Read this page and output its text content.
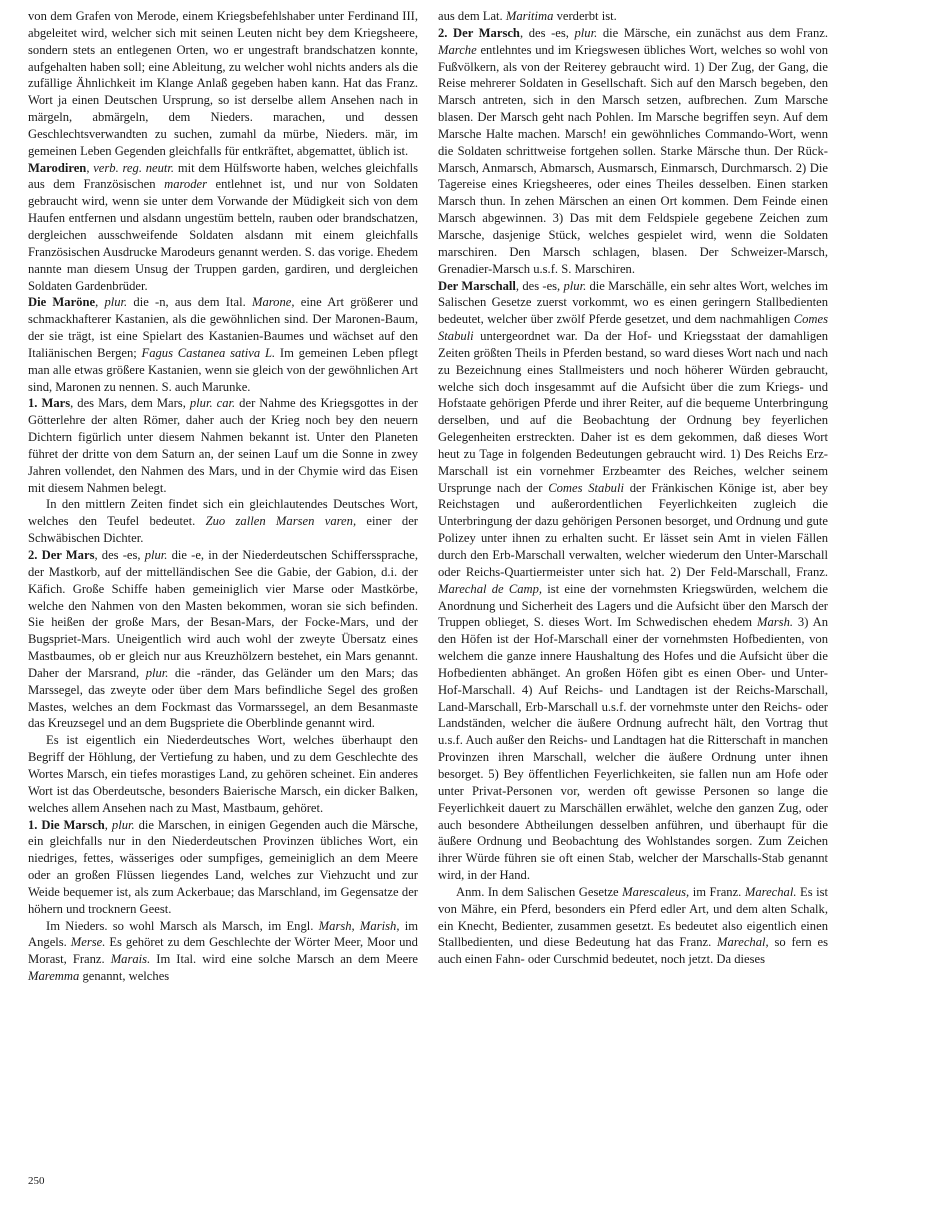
von dem Grafen von Merode, einem Kriegsbefehlshaber unter Ferdinand III, abgeleitet wird, welcher sich mit seinen Leuten nicht bey dem Kriegsheere, sondern stets an entlegenen Orten, wo er ungestraft brandschatzen konnte, aufgehalten haben soll; eine Ableitung, zu welcher wohl nichts anders als die zufällige Ähnlichkeit im Klange Anlaß gegeben haben kann. Hat das Franz. Wort ja einen Deutschen Ursprung, so ist derselbe allem Ansehen nach in märgeln, abmärgeln, dem Nieders. marachen, und dessen Geschlechtsverwandten zu suchen, zumahl da mürbe, Nieders. mär, im gemeinen Leben Gegenden gleichfalls für entkräftet, abgemattet, üblich ist.

Marodiren, verb. reg. neutr. mit dem Hülfsworte haben, welches gleichfalls aus dem Französischen maroder entlehnet ist, und nur von Soldaten gebraucht wird, wenn sie unter dem Vorwande der Müdigkeit sich von dem Haufen entfernen und alsdann ungestüm betteln, rauben oder brandschatzen, dergleichen ausschweifende Soldaten alsdann mit einem gleichfalls Französischen Ausdrucke Marodeurs genannt werden. S. das vorige. Ehedem nannte man diesem Unsug der Truppen garden, gardiren, und dergleichen Soldaten Gardenbrüder.

Die Maröne, plur. die -n, aus dem Ital. Marone, eine Art größerer und schmackhafterer Kastanien, als die gewöhnlichen sind. Der Maronen-Baum, der sie trägt, ist eine Spielart des Kastanien-Baumes und wächset auf den Italiänischen Bergen; Fagus Castanea sativa L. Im gemeinen Leben pflegt man alle etwas größere Kastanien, wenn sie gleich von der gewöhnlichen Art sind, Maronen zu nennen. S. auch Marunke.

1. Mars, des Mars, dem Mars, plur. car. der Nahme des Kriegsgottes in der Götterlehre der alten Römer, daher auch der Krieg noch bey den neuern Dichtern figürlich unter diesem Nahmen bekannt ist. Unter den Planeten führet der dritte von dem Saturn an, der seinen Lauf um die Sonne in zwey Jahren vollendet, den Nahmen des Mars, und in der Chymie wird das Eisen mit diesem Nahmen belegt.

In den mittlern Zeiten findet sich ein gleichlautendes Deutsches Wort, welches den Teufel bedeutet. Zuo zallen Marsen varen, einer der Schwäbischen Dichter.

2. Der Mars, des -es, plur. die -e, in der Niederdeutschen Schifferssprache, der Mastkorb, auf der mittelländischen See die Gabie, der Gabion, d.i. der Käfich. Große Schiffe haben gemeiniglich vier Marse oder Mastkörbe, welche den Nahmen von den Masten bekommen, woran sie sich befinden. Sie heißen der große Mars, der Besan-Mars, der Focke-Mars, und der Bugspriet-Mars. Uneigentlich wird auch wohl der zweyte Übersatz eines Mastbaumes, ob er gleich nur aus Kreuzhölzern bestehet, ein Mars genannt. Daher der Marsrand, plur. die -ränder, das Geländer um den Mars; das Marssegel, das zweyte oder über dem Mars befindliche Segel des großen Mastes, welches an dem Fockmast das Vormarssegel, an dem Besanmaste das Kreuzsegel und an dem Bugspriete die Oberblinde genannt wird.

Es ist eigentlich ein Niederdeutsches Wort, welches überhaupt den Begriff der Höhlung, der Vertiefung zu haben, und zu dem Geschlechte des Wortes Marsch, ein tiefes morastiges Land, zu gehören scheinet. Ein anderes Wort ist das Oberdeutsche, besonders Baierische Marsch, ein dicker Balken, welches allem Ansehen nach zu Mast, Mastbaum, gehöret.

1. Die Marsch, plur. die Marschen, in einigen Gegenden auch die Märsche, ein gleichfalls nur in den Niederdeutschen Provinzen übliches Wort, ein niedriges, fettes, wässeriges oder sumpfiges, gemeiniglich an dem Meere oder an großen Flüssen liegendes Land, welches zur Viehzucht und zur Weide bequemer ist, als zum Ackerbaue; das Marschland, im Gegensatze der höhern und trocknern Geest.

Im Nieders. so wohl Marsch als Marsch, im Engl. Marsh, Marish, im Angels. Merse. Es gehöret zu dem Geschlechte der Wörter Meer, Moor und Morast, Franz. Marais. Im Ital. wird eine solche Marsch an dem Meere Maremma genannt, welches

aus dem Lat. Maritima verderbt ist.

2. Der Marsch, des -es, plur. die Märsche, ein zunächst aus dem Franz. Marche entlehntes und im Kriegswesen übliches Wort, welches so wohl von Fußvölkern, als von der Reiterey gebraucht wird. 1) Der Zug, der Gang, die Reise mehrerer Soldaten in Gesellschaft. Sich auf den Marsch begeben, den Marsch antreten, sich in den Marsch setzen, aufbrechen. Zum Marsche blasen. Der Marsch geht nach Pohlen. Im Marsche begriffen seyn. Auf dem Marsche Halte machen. Marsch! ein gewöhnliches Commando-Wort, wenn die Soldaten schrittweise fortgehen sollen. Starke Märsche thun. Der Rück-Marsch, Anmarsch, Abmarsch, Ausmarsch, Einmarsch, Durchmarsch. 2) Die Tagereise eines Kriegsheeres, oder eines Theiles desselben. Einen starken Marsch thun. In zehen Märschen an einen Ort kommen. Dem Feinde einen Marsch abgewinnen. 3) Das mit dem Feldspiele gegebene Zeichen zum Marsche, dasjenige Stück, welches gespielet wird, wenn die Soldaten marschiren. Den Marsch schlagen, blasen. Der Schweizer-Marsch, Grenadier-Marsch u.s.f. S. Marschiren.

Der Marschall, des -es, plur. die Marschälle, ein sehr altes Wort, welches im Salischen Gesetze zuerst vorkommt, wo es einen geringern Stallbedienten bedeutet, welcher über zwölf Pferde gesetzet, und dem nachmahligen Comes Stabuli untergeordnet war. Da der Hof- und Kriegsstaat der damahligen Zeiten größten Theils in Pferden bestand, so ward dieses Wort nach und nach zu Bezeichnung eines Stallmeisters und noch höherer Würden gebraucht, welche sich doch insgesammt auf die Aufsicht über die zum Kriegs- und Hofstaate gehörigen Pferde und ihrer Reiter, auf die bequeme Unterbringung derselben, und auf die Beobachtung der Ordnung bey feyerlichen Gelegenheiten erstreckten. Daher ist es dem gekommen, daß dieses Wort heut zu Tage in folgenden Bedeutungen gebraucht wird. 1) Des Reichs Erz-Marschall ist ein vornehmer Erzbeamter des Reiches, welcher seinem Ursprunge nach der Comes Stabuli der Fränkischen Könige ist, aber bey Reichstagen und außerordentlichen Feyerlichkeiten zugleich die Unterbringung der dazu gehörigen Personen besorget, und Ordnung und gute Polizey unter ihnen zu erhalten sucht. Er lässet sein Amt in vielen Fällen durch den Erb-Marschall verwalten, welcher wiederum den Unter-Marschall oder Reichs-Quartiermeister unter sich hat. 2) Der Feld-Marschall, Franz. Marechal de Camp, ist eine der vornehmsten Kriegswürden, welchem die Anordnung und Sicherheit des Lagers und die Aufsicht über den Marsch der Truppen oblieget, S. dieses Wort. Im Schwedischen ehedem Marsh. 3) An den Höfen ist der Hof-Marschall einer der vornehmsten Hofbedienten, von welchem die ganze innere Haushaltung des Hofes und die Aufsicht über die Hofbedienten abhänget. An großen Höfen gibt es einen Ober- und Unter-Hof-Marschall. 4) Auf Reichs- und Landtagen ist der Reichs-Marschall, Land-Marschall, Erb-Marschall u.s.f. der vornehmste unter den Reichs- oder Landständen, welcher die äußere Ordnung aufrecht hält, den Vortrag thut u.s.f. Auch außer den Reichs- und Landtagen hat die Ritterschaft in manchen Provinzen ihren Marschall, welcher die äußere Ordnung unter ihnen besorget. 5) Bey öffentlichen Feyerlichkeiten, sie fallen nun am Hofe oder unter Privat-Personen vor, werden oft gewisse Personen so lange die Feyerlichkeit dauert zu Marschällen erwählet, welche den ganzen Zug, oder auch besondere Abtheilungen desselben anführen, und überhaupt für die äußere Ordnung und Beobachtung des Wohlstandes sorgen. Zum Zeichen ihrer Würde führen sie oft einen Stab, welcher der Marschalls-Stab genannt wird, in der Hand.

Anm. In dem Salischen Gesetze Marescaleus, im Franz. Marechal. Es ist von Mähre, ein Pferd, besonders ein Pferd edler Art, und dem alten Schalk, ein Knecht, Bedienter, zusammen gesetzt. Es bedeutet also eigentlich einen Stallbedienten, und diese Bedeutung hat das Franz. Marechal, so fern es auch einen Fahn- oder Curschmid bedeutet, noch jetzt. Da dieses

250
